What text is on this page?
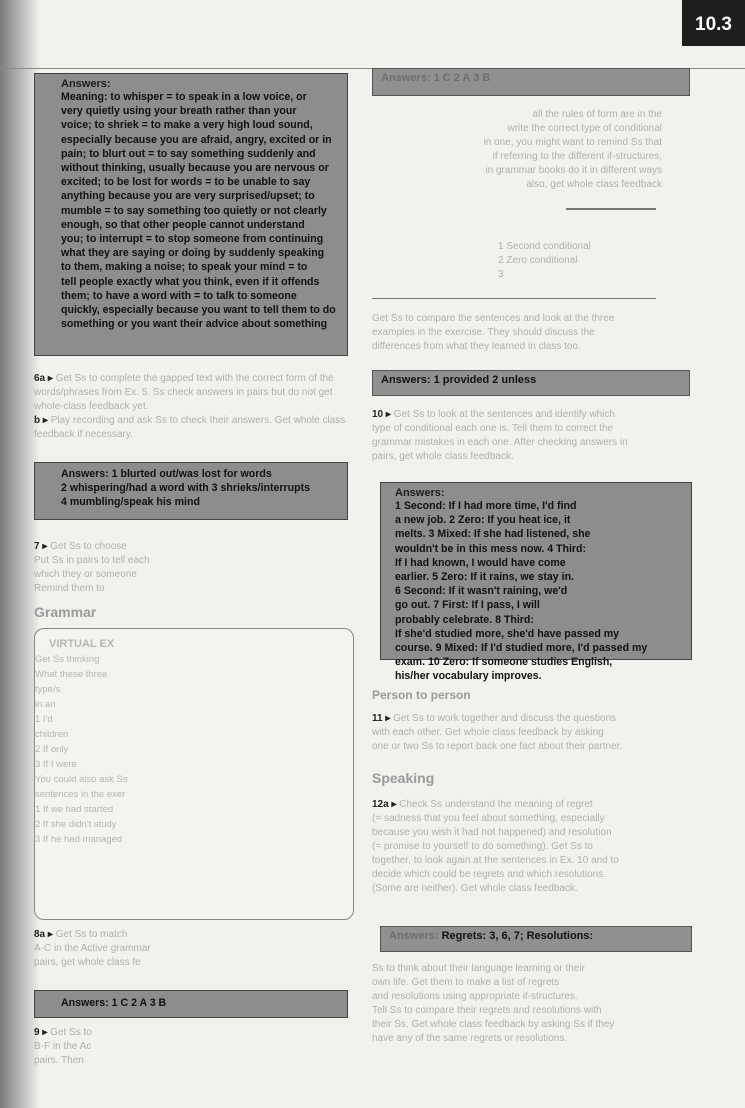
10.3
Answers:

Meaning: to whisper = to speak in a low voice, or

very quietly using your breath rather than your

voice; to shriek = to make a very high loud sound,

especially because you are afraid, angry, excited or in

pain; to blurt out = to say something suddenly and

without thinking, usually because you are nervous or

excited; to be lost for words = to be unable to say

anything because you are very surprised/upset; to

mumble = to say something too quietly or not clearly

enough, so that other people cannot understand

you; to interrupt = to stop someone from continuing

what they are saying or doing by suddenly speaking

to them, making a noise; to speak your mind = to

tell people exactly what you think, even if it offends

them; to have a word with = to talk to someone

quickly, especially because you want to tell them to do

something or you want their advice about something

6a ▸ Get Ss to complete the gapped text with the correct form of the words/phrases from Ex. 5. Ss check answers in pairs but do not get whole-class feedback yet.
b ▸ Play recording and ask Ss to check their answers. Get whole class feedback if necessary.

Answers: 1 blurted out/was lost for words

2 whispering/had a word with 3 shrieks/interrupts

4 mumbling/speak his mind

7 ▸ Get Ss to choose
Put Ss in pairs to tell each
which they or someone
Remind them to
Grammar
VIRTUAL EX
Get Ss thinking
What these three
type/s
in an
1 I'd
children
2 If only
3 If I were
You could also ask Ss
sentences in the exer
1 If we had started
2 If she didn't study
3 If he had managed
8a ▸ Get Ss to match
A-C in the Active grammar
pairs, get whole class fe

Answers: 1 C 2 A 3 B

9 ▸ Get Ss to
B-F in the Ac
pairs. Then
Answers: 1 C 2 A 3 B
all the rules of form are in the
write the correct type of conditional
in one, you might want to remind Ss that
if referring to the different if-structures,
in grammar books do it in different ways
also, get whole class feedback
1 Second conditional
2 Zero conditional
3
Get Ss to compare the sentences and look at the three
examples in the exercise. They should discuss the
differences from what they learned in class too.
Answers: 1 provided 2 unless
10 ▸ Get Ss to look at the sentences and identify which
type of conditional each one is. Tell them to correct the
grammar mistakes in each one. After checking answers in
pairs, get whole class feedback.
Answers:

1 Second: If I had more time, I'd find

a new job. 2 Zero: If you heat ice, it

melts. 3 Mixed: If she had listened, she

wouldn't be in this mess now. 4 Third:

If I had known, I would have come

earlier. 5 Zero: If it rains, we stay in.

6 Second: If it wasn't raining, we'd

go out. 7 First: If I pass, I will

probably celebrate. 8 Third:

If she'd studied more, she'd have passed my

course. 9 Mixed: If I'd studied more, I'd passed my

exam. 10 Zero: If someone studies English,

his/her vocabulary improves.

Person to person
11 ▸ Get Ss to work together and discuss the questions
with each other. Get whole class feedback by asking
one or two Ss to report back one fact about their partner.
Speaking
12a ▸ Check Ss understand the meaning of regret
(= sadness that you feel about something, especially
because you wish it had not happened) and resolution
(= promise to yourself to do something). Get Ss to
together, to look again at the sentences in Ex. 10 and to
decide which could be regrets and which resolutions.
(Some are neither). Get whole class feedback.
Answers: Regrets: 3, 6, 7; Resolutions:
Ss to think about their language learning or their
own life. Get them to make a list of regrets
and resolutions using appropriate if-structures.
Tell Ss to compare their regrets and resolutions with
their Ss. Get whole class feedback by asking Ss if they
have any of the same regrets or resolutions.
